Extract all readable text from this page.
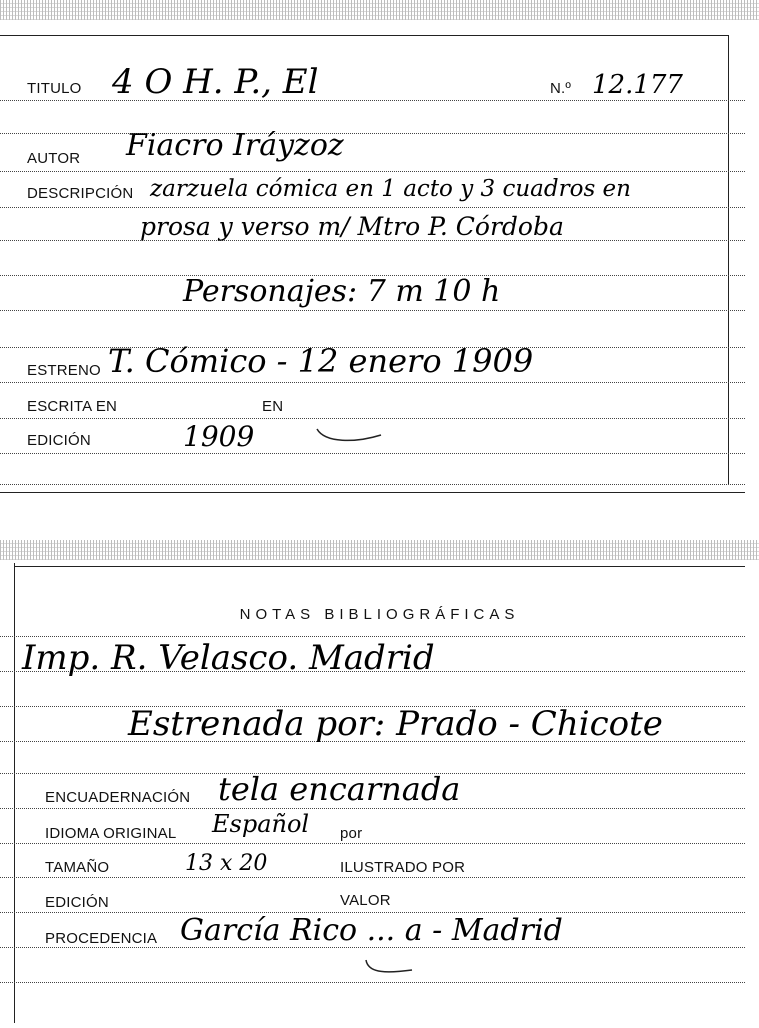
TITULO 4 O H. P., El	N.º 12.177
AUTOR Fiacro Iráyzoz
DESCRIPCIÓN zarzuela cómica en 1 acto y 3 cuadros en
prosa y verso m/ Mtro P. Córdoba
Personajes: 7 m 10 h
ESTRENO T. Cómico - 12 enero 1909
ESCRITA EN	EN
EDICIÓN	1909
NOTAS BIBLIOGRÁFICAS
Imp. R. Velasco. Madrid
Estrenada por: Prado - Chicote
ENCUADERNACIÓN tela encarnada
IDIOMA ORIGINAL Español por
TAMAÑO	13 x 20	ILUSTRADO POR
EDICIÓN	VALOR
PROCEDENCIA García Rico ... a - Madrid
